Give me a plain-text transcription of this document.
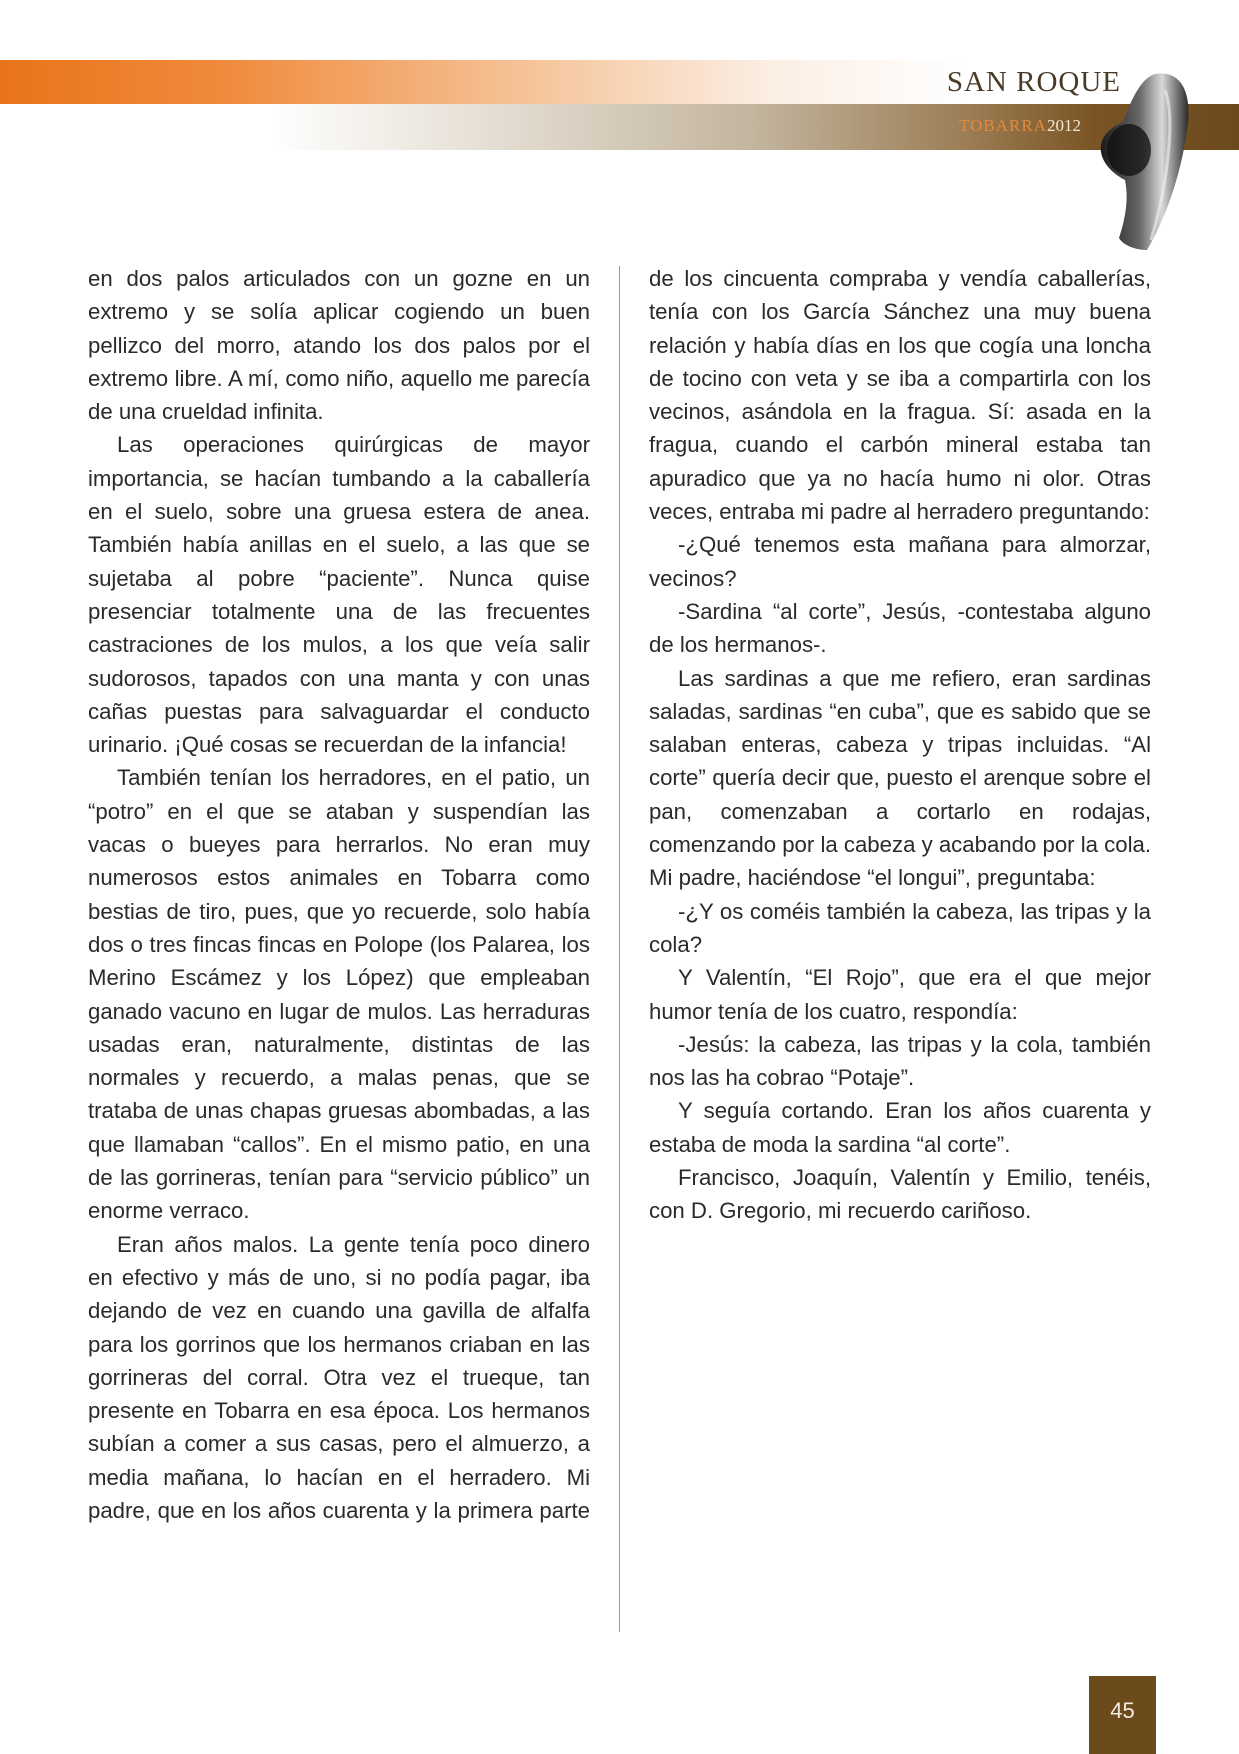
SAN ROQUE
TOBARRA2012

en dos palos articulados con un gozne en un extremo y se solía aplicar cogiendo un buen pellizco del morro, atando los dos palos por el extremo libre. A mí, como niño, aquello me parecía de una crueldad infinita.

Las operaciones quirúrgicas de mayor importancia, se hacían tumbando a la caballería en el suelo, sobre una gruesa estera de anea. También había anillas en el suelo, a las que se sujetaba al pobre “paciente”. Nunca quise presenciar totalmente una de las frecuentes castraciones de los mulos, a los que veía salir sudorosos, tapados con una manta y con unas cañas puestas para salvaguardar el conducto urinario. ¡Qué cosas se recuerdan de la infancia!

También tenían los herradores, en el patio, un “potro” en el que se ataban y suspendían las vacas o bueyes para herrarlos. No eran muy numerosos estos animales en Tobarra como bestias de tiro, pues, que yo recuerde, solo había dos o tres fincas fincas en Polope (los Palarea, los Merino Escámez y los López) que empleaban ganado vacuno en lugar de mulos. Las herraduras usadas eran, naturalmente, distintas de las normales y recuerdo, a malas penas, que se trataba de unas chapas gruesas abombadas, a las que llamaban “callos”. En el mismo patio, en una de las gorrineras, tenían para “servicio público” un enorme verraco.

Eran años malos. La gente tenía poco dinero en efectivo y más de uno, si no podía pagar, iba dejando de vez en cuando una gavilla de alfalfa para los gorrinos que los hermanos criaban en las gorrineras del corral. Otra vez el trueque, tan presente en Tobarra en esa época. Los hermanos subían a comer a sus casas, pero el almuerzo, a media mañana, lo hacían en el herradero. Mi padre, que en los años cuarenta y la primera parte

de los cincuenta compraba y vendía caballerías, tenía con los García Sánchez una muy buena relación y había días en los que cogía una loncha de tocino con veta y se iba a compartirla con los vecinos, asándola en la fragua. Sí: asada en la fragua, cuando el carbón mineral estaba tan apuradico que ya no hacía humo ni olor. Otras veces, entraba mi padre al herradero preguntando:

-¿Qué tenemos esta mañana para almorzar, vecinos?

-Sardina “al corte”, Jesús, -contestaba alguno de los hermanos-.

Las sardinas a que me refiero, eran sardinas saladas, sardinas “en cuba”, que es sabido que se salaban enteras, cabeza y tripas incluidas. “Al corte” quería decir que, puesto el arenque sobre el pan, comenzaban a cortarlo en rodajas, comenzando por la cabeza y acabando por la cola. Mi padre, haciéndose “el longui”, preguntaba:

-¿Y os coméis también la cabeza, las tripas y la cola?

Y Valentín, “El Rojo”, que era el que mejor humor tenía de los cuatro, respondía:

-Jesús: la cabeza, las tripas y la cola, también nos las ha cobrao “Potaje”.

Y seguía cortando. Eran los años cuarenta y estaba de moda la sardina “al corte”.

Francisco, Joaquín, Valentín y Emilio, tenéis, con D. Gregorio, mi recuerdo cariñoso.

45
